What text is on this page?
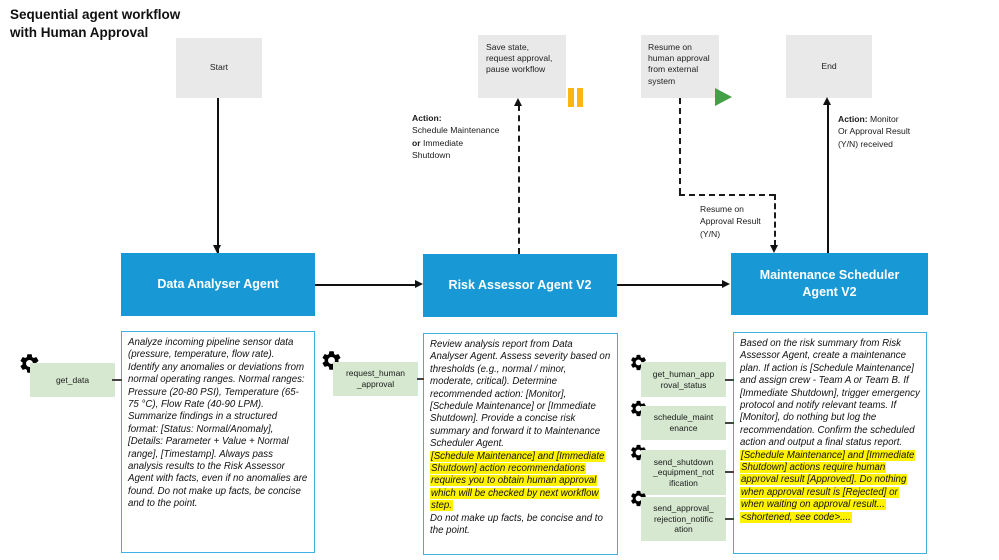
Sequential agent workflow
with Human Approval
Start
Save state, request approval, pause workflow
Resume on human approval from external system
End
Data Analyser Agent	Risk Assessor Agent V2
Maintenance Scheduler Agent V2
Action:
Schedule Maintenance
or Immediate
Shutdown
Action: Monitor
Or Approval Result
(Y/N) received
Resume on
Approval Result
(Y/N)
Analyze incoming pipeline sensor data (pressure, temperature, flow rate). Identify any anomalies or deviations from normal operating ranges. Normal ranges: Pressure (20-80 PSI), Temperature (65-75 °C), Flow Rate (40-90 LPM). Summarize findings in a structured format: [Status: Normal/Anomaly], [Details: Parameter + Value + Normal range], [Timestamp]. Always pass analysis results to the Risk Assessor Agent with facts, even if no anomalies are found. Do not make up facts, be concise and to the point.
Review analysis report from Data Analyser Agent. Assess severity based on thresholds (e.g., normal / minor, moderate, critical). Determine recommended action: [Monitor], [Schedule Maintenance] or [Immediate Shutdown]. Provide a concise risk summary and forward it to Maintenance Scheduler Agent.
[Schedule Maintenance] and [Immediate Shutdown] action recommendations requires you to obtain human approval which will be checked by next workflow step.
Do not make up facts, be concise and to the point.
Based on the risk summary from Risk Assessor Agent, create a maintenance plan. If action is [Schedule Maintenance] and assign crew - Team A or Team B. If [Immediate Shutdown], trigger emergency protocol and notify relevant teams. If [Monitor], do nothing but log the recommendation. Confirm the scheduled action and output a final status report.
[Schedule Maintenance] and [Immediate Shutdown] actions require human approval result [Approved]. Do nothing when approval result is [Rejected] or when waiting on approval result...<shortened, see code>....
get_data
request_human_approval
get_human_approval_status
schedule_maintenance
send_shutdown_equipment_notification
send_approval_rejection_notification
